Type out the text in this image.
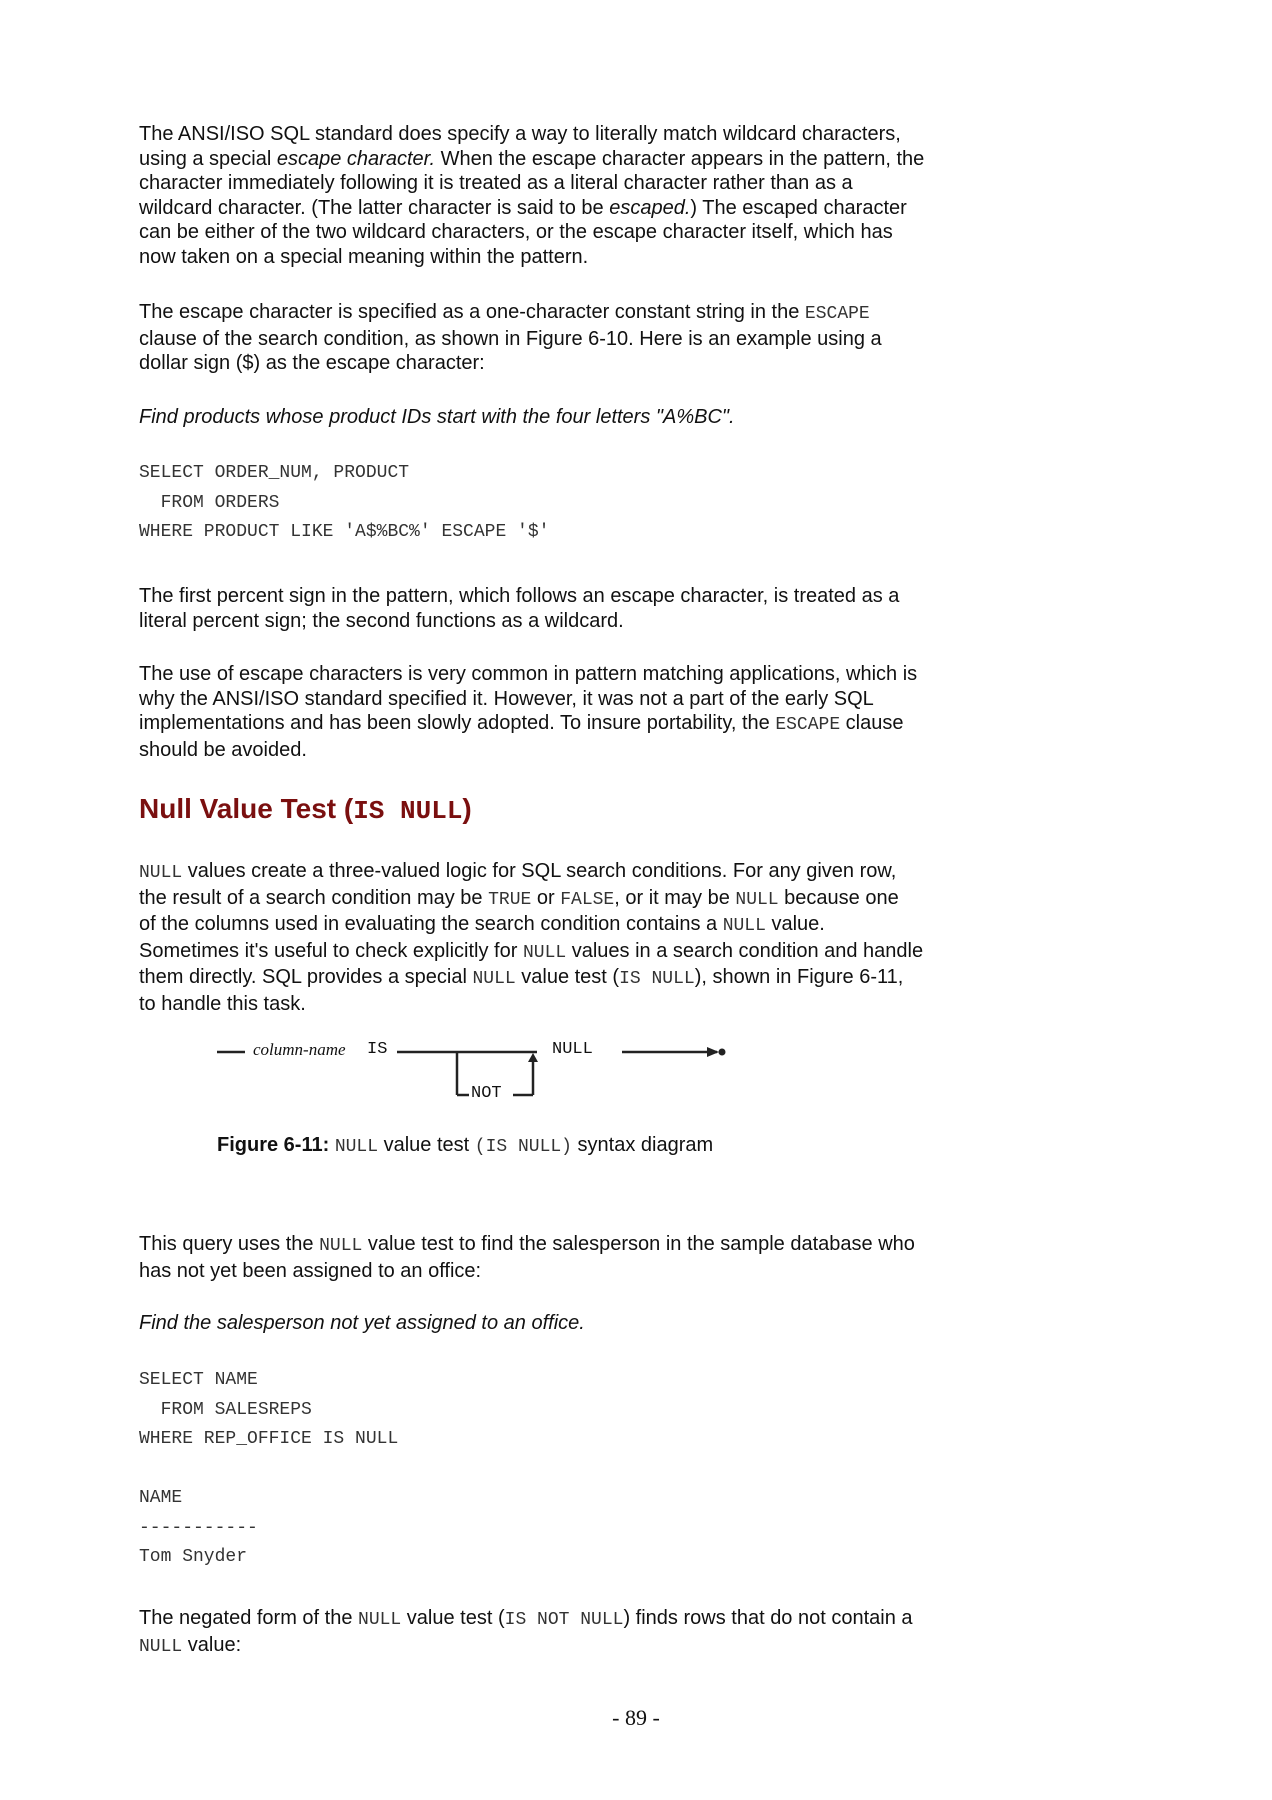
The ANSI/ISO SQL standard does specify a way to literally match wildcard characters,

using a special escape character. When the escape character appears in the pattern, the

character immediately following it is treated as a literal character rather than as a

wildcard character. (The latter character is said to be escaped.) The escaped character

can be either of the two wildcard characters, or the escape character itself, which has

now taken on a special meaning within the pattern.

The escape character is specified as a one-character constant string in the ESCAPE

clause of the search condition, as shown in Figure 6-10. Here is an example using a

dollar sign ($) as the escape character:

Find products whose product IDs start with the four letters "A%BC".

SELECT ORDER_NUM, PRODUCT
FROM ORDERS
WHERE PRODUCT LIKE 'A$%BC%' ESCAPE '$'

The first percent sign in the pattern, which follows an escape character, is treated as a

literal percent sign; the second functions as a wildcard.

The use of escape characters is very common in pattern matching applications, which is

why the ANSI/ISO standard specified it. However, it was not a part of the early SQL

implementations and has been slowly adopted. To insure portability, the ESCAPE clause

should be avoided.

Null Value Test (IS NULL)

NULL values create a three-valued logic for SQL search conditions. For any given row,

the result of a search condition may be TRUE or FALSE, or it may be NULL because one

of the columns used in evaluating the search condition contains a NULL value.

Sometimes it's useful to check explicitly for NULL values in a search condition and handle

them directly. SQL provides a special NULL value test (IS NULL), shown in Figure 6-11,

to handle this task.

column-name IS
NOT
NULL

Figure 6-11: NULL value test (IS NULL) syntax diagram

This query uses the NULL value test to find the salesperson in the sample database who

has not yet been assigned to an office:

Find the salesperson not yet assigned to an office.

SELECT NAME
FROM SALESREPS
WHERE REP_OFFICE IS NULL
NAME
-----------
Tom Snyder

The negated form of the NULL value test (IS NOT NULL) finds rows that do not contain a

NULL value:

- 89 -
